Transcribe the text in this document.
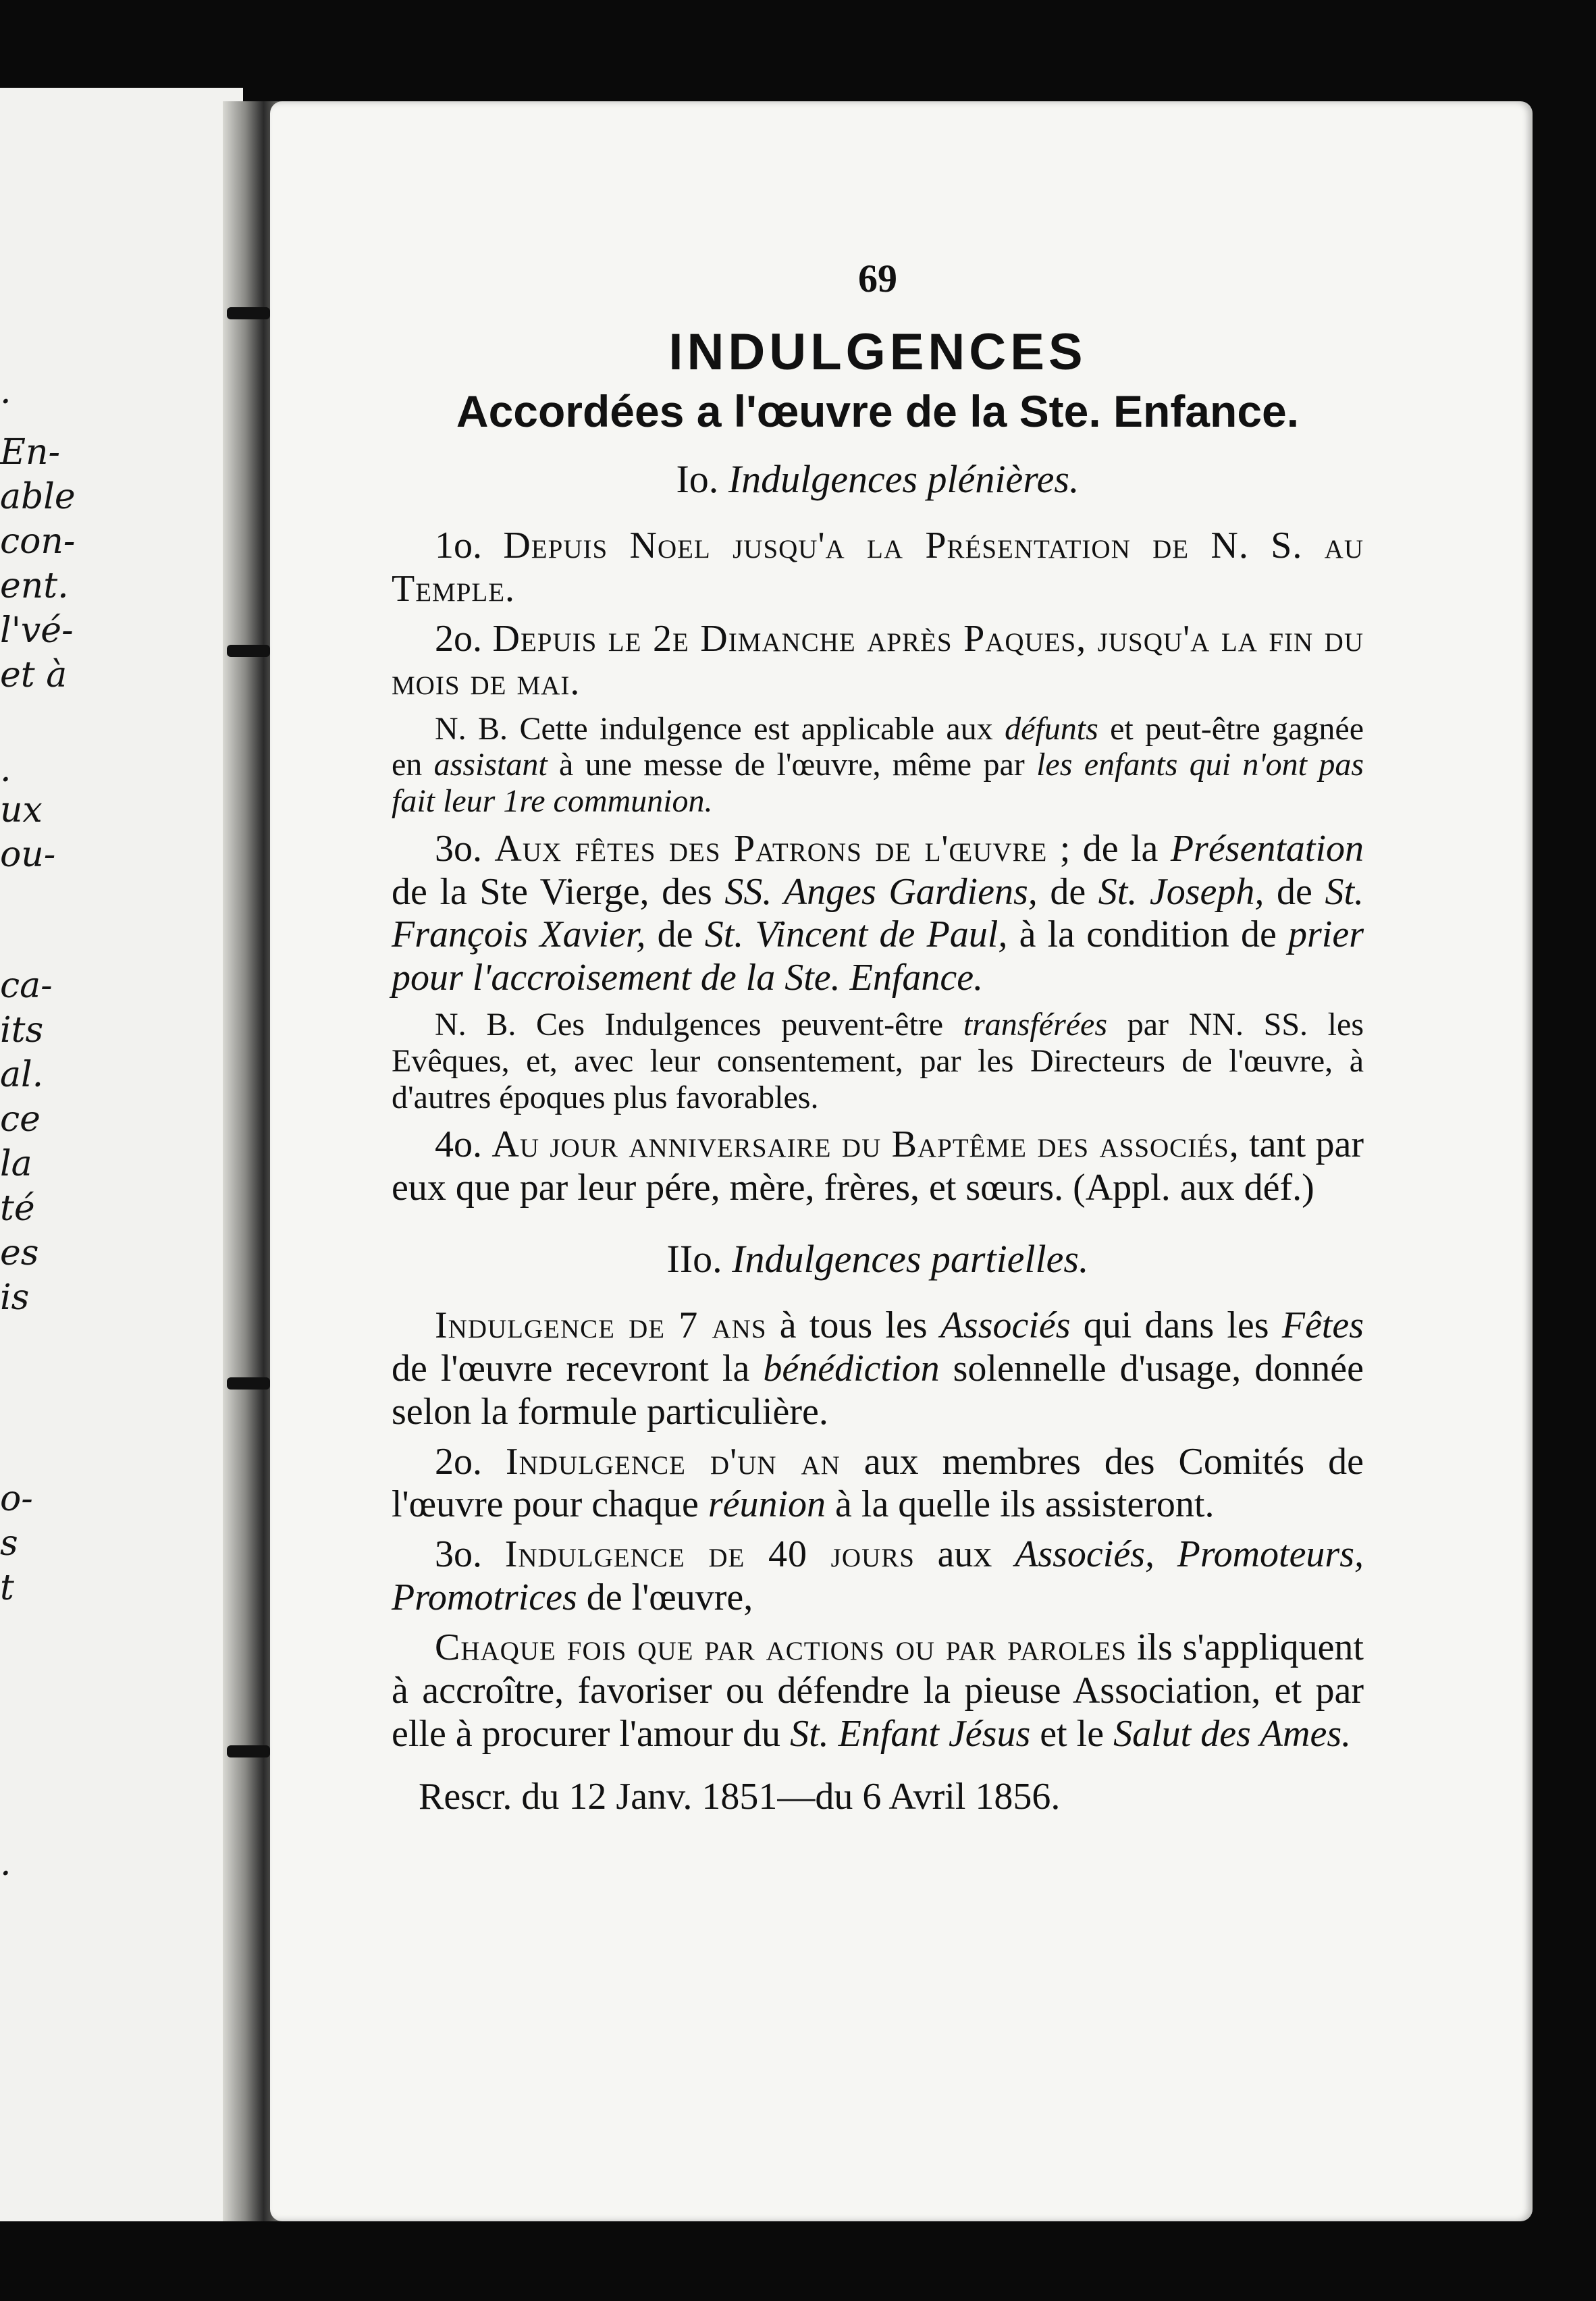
.
En-
able
con-
ent.
l'vé-
et à
.
ux
ou-
ca-
its
al.
ce
la
té
es
is
o-
s
t
.
69
INDULGENCES
Accordées a l'œuvre de la Ste. Enfance.
Io. Indulgences plénières.

1o. Depuis Noel jusqu'a la Présentation de N. S. au Temple.

2o. Depuis le 2e Dimanche après Paques, jusqu'a la fin du mois de mai.

N. B. Cette indulgence est applicable aux défunts et peut-être gagnée en assistant à une messe de l'œuvre, même par les enfants qui n'ont pas fait leur 1re communion.

3o. Aux fêtes des Patrons de l'œuvre ; de la Présentation de la Ste Vierge, des SS. Anges Gardiens, de St. Joseph, de St. François Xavier, de St. Vincent de Paul, à la condition de prier pour l'accroisement de la Ste. Enfance.

N. B. Ces Indulgences peuvent-être transférées par NN. SS. les Evêques, et, avec leur consentement, par les Directeurs de l'œuvre, à d'autres époques plus favorables.

4o. Au jour anniversaire du Baptême des associés, tant par eux que par leur pére, mère, frères, et sœurs. (Appl. aux déf.)

IIo. Indulgences partielles.

Indulgence de 7 ans à tous les Associés qui dans les Fêtes de l'œuvre recevront la bénédiction solennelle d'usage, donnée selon la formule particulière.

2o. Indulgence d'un an aux membres des Comités de l'œuvre pour chaque réunion à la quelle ils assisteront.

3o. Indulgence de 40 jours aux Associés, Promoteurs, Promotrices de l'œuvre,

Chaque fois que par actions ou par paroles ils s'appliquent à accroître, favoriser ou défendre la pieuse Association, et par elle à procurer l'amour du St. Enfant Jésus et le Salut des Ames.

Rescr. du 12 Janv. 1851—du 6 Avril 1856.
